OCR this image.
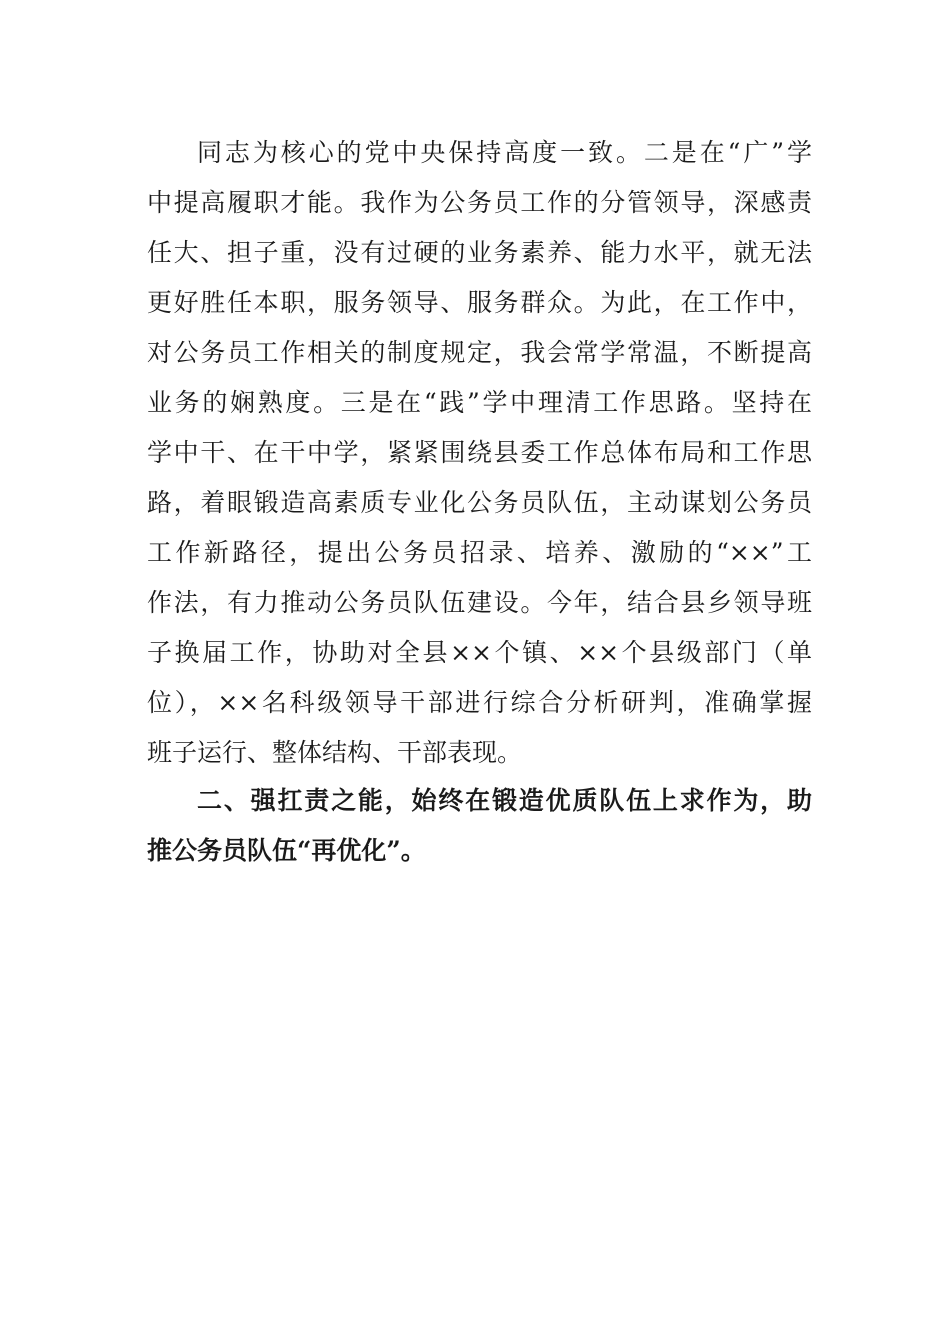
同志为核心的党中央保持高度一致。二是在“广”学
中提高履职才能。我作为公务员工作的分管领导，深感责
任大、担子重，没有过硬的业务素养、能力水平，就无法
更好胜任本职，服务领导、服务群众。为此，在工作中，
对公务员工作相关的制度规定，我会常学常温，不断提高
业务的娴熟度。三是在“践”学中理清工作思路。坚持在
学中干、在干中学，紧紧围绕县委工作总体布局和工作思
路，着眼锻造高素质专业化公务员队伍，主动谋划公务员
工作新路径，提出公务员招录、培养、激励的“××”工
作法，有力推动公务员队伍建设。今年，结合县乡领导班
子换届工作，协助对全县××个镇、××个县级部门（单
位），××名科级领导干部进行综合分析研判，准确掌握
班子运行、整体结构、干部表现。
二、强扛责之能，始终在锻造优质队伍上求作为，助
推公务员队伍“再优化”。
